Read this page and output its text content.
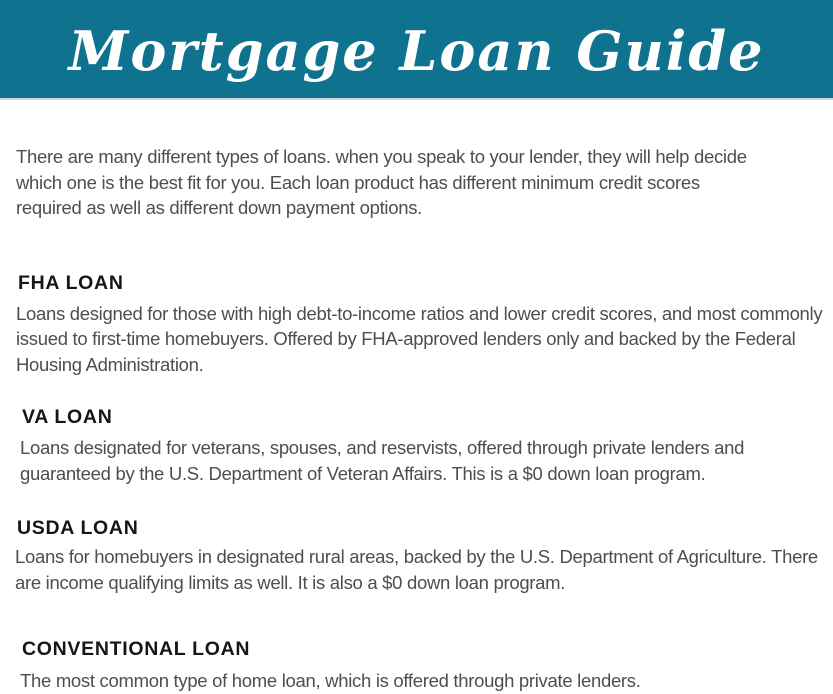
Mortgage Loan Guide
There are many different types of loans. when you speak to your lender, they will help decide
which one is the best fit for you. Each loan product has different minimum credit scores
required as well as different down payment options.
FHA LOAN
Loans designed for those with high debt-to-income ratios and lower credit scores, and most commonly
issued to first-time homebuyers. Offered by FHA-approved lenders only and backed by the Federal
Housing Administration.
VA LOAN
Loans designated for veterans, spouses, and reservists, offered through private lenders and
guaranteed by the U.S. Department of Veteran Affairs. This is a $0 down loan program.
USDA LOAN
Loans for homebuyers in designated rural areas, backed by the U.S. Department of Agriculture. There
are income qualifying limits as well. It is also a $0 down loan program.
CONVENTIONAL LOAN
The most common type of home loan, which is offered through private lenders.
